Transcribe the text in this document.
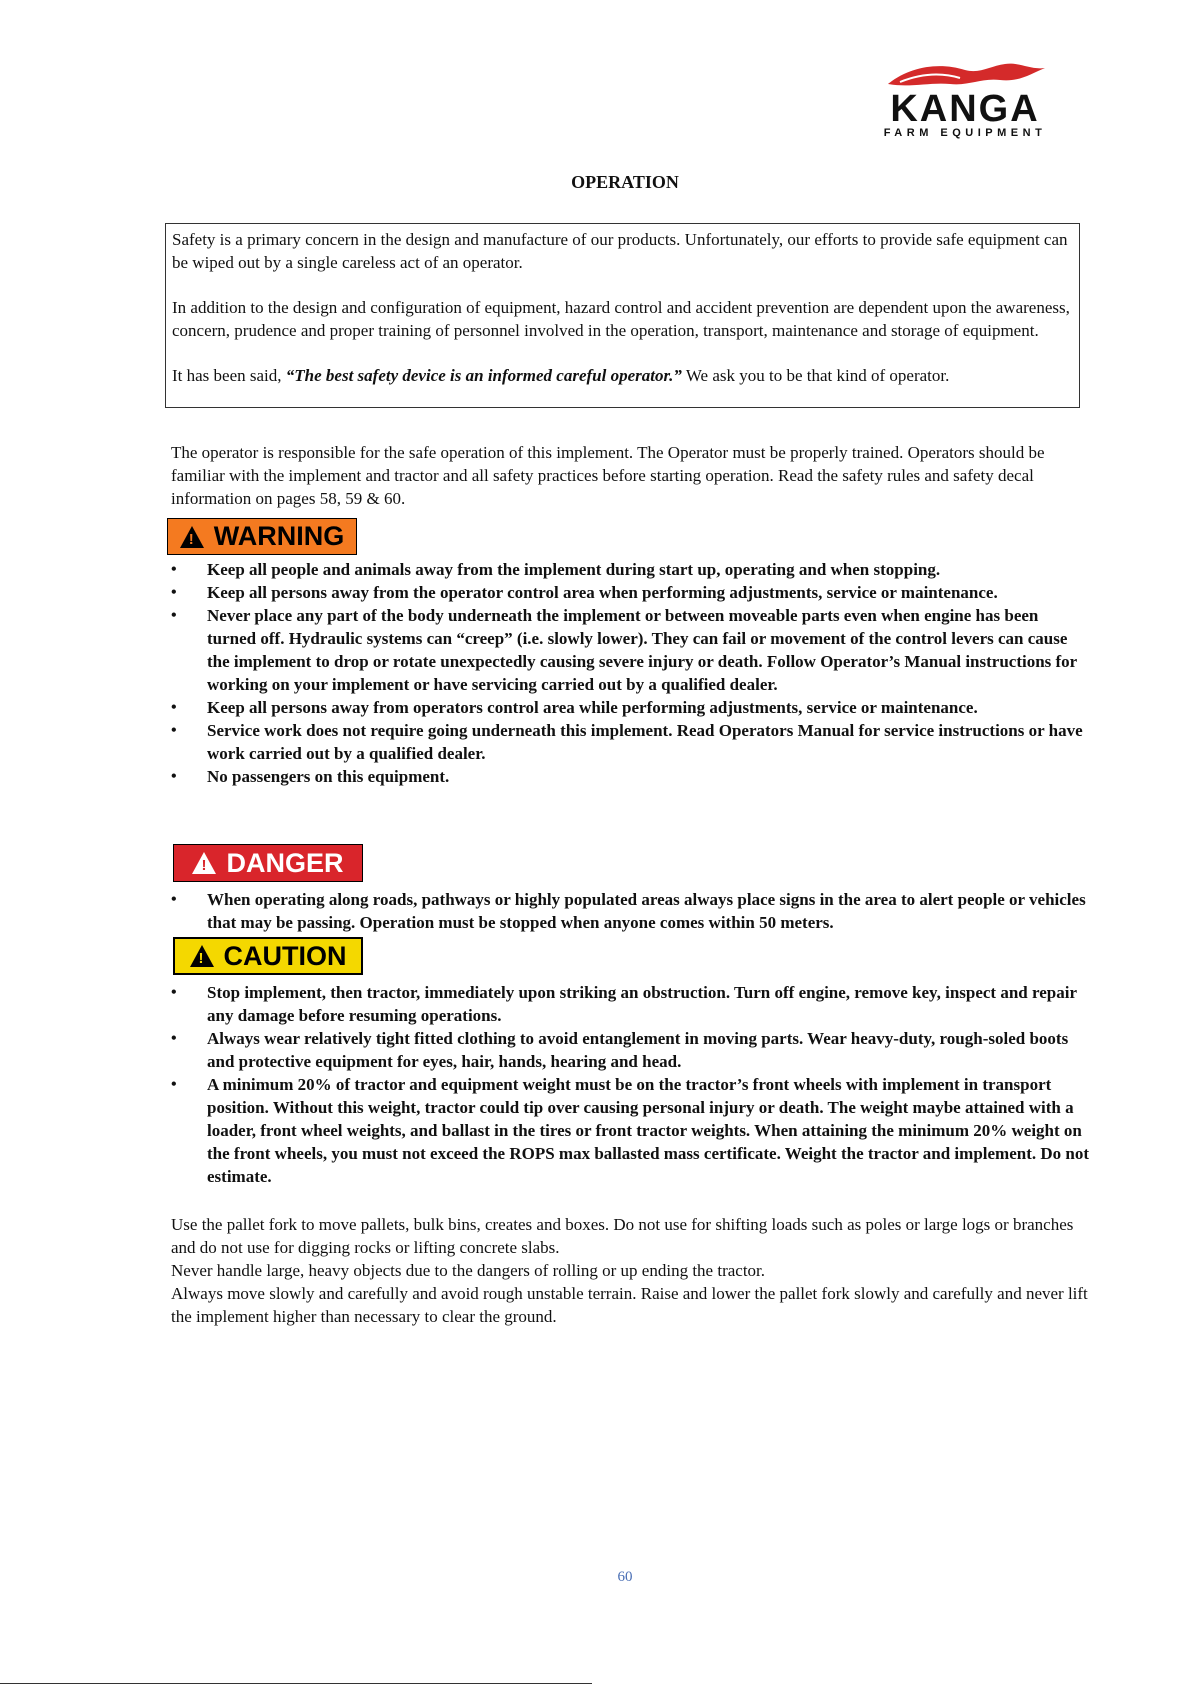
KANGA
FARM EQUIPMENT
OPERATION

Safety is a primary concern in the design and manufacture of our products. Unfortunately, our efforts to provide safe equipment can be wiped out by a single careless act of an operator.

In addition to the design and configuration of equipment, hazard control and accident prevention are dependent upon the awareness, concern, prudence and proper training of personnel involved in the operation, transport, maintenance and storage of equipment.

It has been said, “The best safety device is an informed careful operator.” We ask you to be that kind of operator.

The operator is responsible for the safe operation of this implement. The Operator must be properly trained. Operators should be familiar with the implement and tractor and all safety practices before starting operation. Read the safety rules and safety decal information on pages 58, 59 & 60.

! WARNING
• Keep all people and animals away from the implement during start up, operating and when stopping.
• Keep all persons away from the operator control area when performing adjustments, service or maintenance.
• Never place any part of the body underneath the implement or between moveable parts even when engine has been turned off. Hydraulic systems can “creep” (i.e. slowly lower). They can fail or movement of the control levers can cause the implement to drop or rotate unexpectedly causing severe injury or death. Follow Operator’s Manual instructions for working on your implement or have servicing carried out by a qualified dealer.
• Keep all persons away from operators control area while performing adjustments, service or maintenance.
• Service work does not require going underneath this implement. Read Operators Manual for service instructions or have work carried out by a qualified dealer.
• No passengers on this equipment.
! DANGER
• When operating along roads, pathways or highly populated areas always place signs in the area to alert people or vehicles that may be passing. Operation must be stopped when anyone comes within 50 meters.
! CAUTION
• Stop implement, then tractor, immediately upon striking an obstruction. Turn off engine, remove key, inspect and repair any damage before resuming operations.
• Always wear relatively tight fitted clothing to avoid entanglement in moving parts. Wear heavy-duty, rough-soled boots and protective equipment for eyes, hair, hands, hearing and head.
• A minimum 20% of tractor and equipment weight must be on the tractor’s front wheels with implement in transport position. Without this weight, tractor could tip over causing personal injury or death. The weight maybe attained with a loader, front wheel weights, and ballast in the tires or front tractor weights. When attaining the minimum 20% weight on the front wheels, you must not exceed the ROPS max ballasted mass certificate. Weight the tractor and implement. Do not estimate.
Use the pallet fork to move pallets, bulk bins, creates and boxes. Do not use for shifting loads such as poles or large logs or branches and do not use for digging rocks or lifting concrete slabs.
Never handle large, heavy objects due to the dangers of rolling or up ending the tractor.
Always move slowly and carefully and avoid rough unstable terrain. Raise and lower the pallet fork slowly and carefully and never lift the implement higher than necessary to clear the ground.
60
